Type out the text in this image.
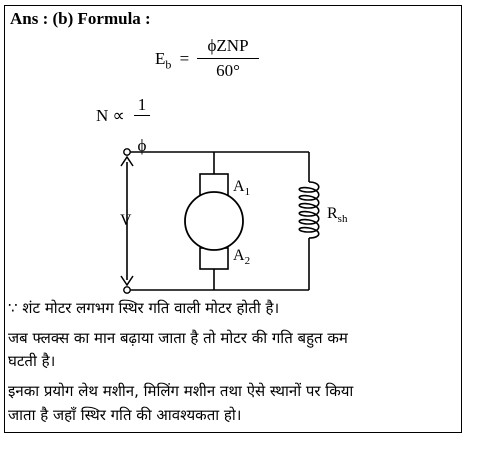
Ans : (b) Formula :
$E_b$ =
ϕZNP
60°
N ∝
1
ϕ
V
$A_1$
$A_2$
$R_{sh}$
∵ शंट मोटर लगभग स्थिर गति वाली मोटर होती है।
जब फ्लक्स का मान बढ़ाया जाता है तो मोटर की गति बहुत कम
घटती है।
इनका प्रयोग लेथ मशीन, मिलिंग मशीन तथा ऐसे स्थानों पर किया
जाता है जहाँ स्थिर गति की आवश्यकता हो।
